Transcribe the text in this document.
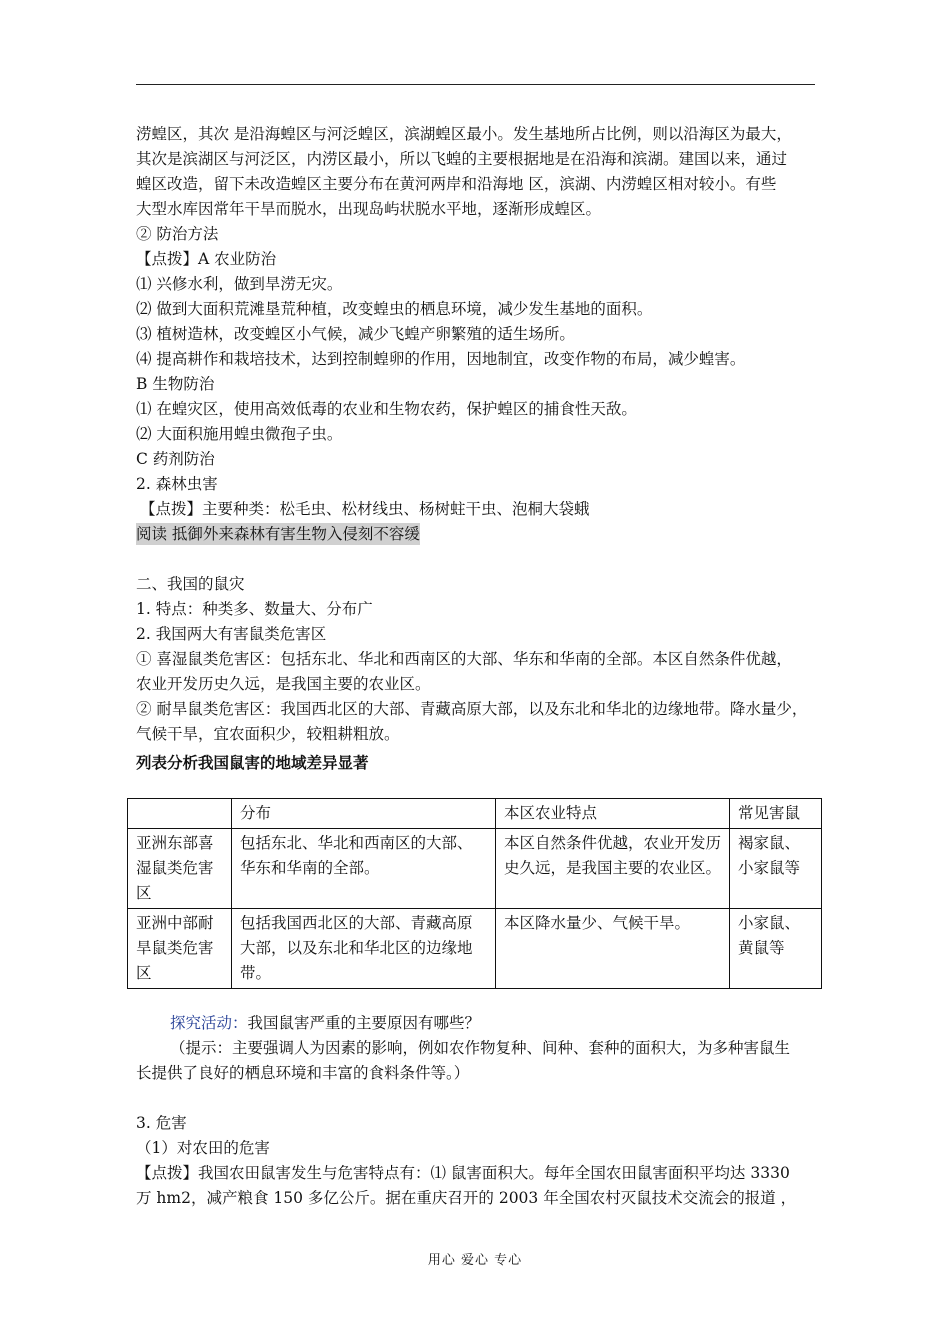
涝蝗区，其次 是沿海蝗区与河泛蝗区，滨湖蝗区最小。发生基地所占比例，则以沿海区为最大，

其次是滨湖区与河泛区，内涝区最小，所以飞蝗的主要根据地是在沿海和滨湖。建国以来，通过

蝗区改造，留下未改造蝗区主要分布在黄河两岸和沿海地 区，滨湖、内涝蝗区相对较小。有些

大型水库因常年干旱而脱水，出现岛屿状脱水平地，逐渐形成蝗区。

② 防治方法

【点拨】A 农业防治

⑴ 兴修水利，做到旱涝无灾。

⑵ 做到大面积荒滩垦荒种植，改变蝗虫的栖息环境，减少发生基地的面积。

⑶ 植树造林，改变蝗区小气候，减少飞蝗产卵繁殖的适生场所。

⑷ 提高耕作和栽培技术，达到控制蝗卵的作用，因地制宜，改变作物的布局，减少蝗害。

B 生物防治

⑴ 在蝗灾区，使用高效低毒的农业和生物农药，保护蝗区的捕食性天敌。

⑵ 大面积施用蝗虫微孢子虫。

C 药剂防治

2. 森林虫害

【点拨】主要种类：松毛虫、松材线虫、杨树蛀干虫、泡桐大袋蛾

阅读 抵御外来森林有害生物入侵刻不容缓

二、我国的鼠灾

1. 特点：种类多、数量大、分布广

2. 我国两大有害鼠类危害区

① 喜湿鼠类危害区：包括东北、华北和西南区的大部、华东和华南的全部。本区自然条件优越，

农业开发历史久远，是我国主要的农业区。

② 耐旱鼠类危害区：我国西北区的大部、青藏高原大部，以及东北和华北的边缘地带。降水量少，

气候干旱，宜农面积少，较粗耕粗放。

列表分析我国鼠害的地域差异显著

	分布	本区农业特点	常见害鼠
亚洲东部喜湿鼠类危害区	包括东北、华北和西南区的大部、华东和华南的全部。	本区自然条件优越，农业开发历史久远，是我国主要的农业区。	褐家鼠、小家鼠等
亚洲中部耐旱鼠类危害区	包括我国西北区的大部、青藏高原大部，以及东北和华北区的边缘地带。	本区降水量少、气候干旱。	小家鼠、黄鼠等

探究活动：我国鼠害严重的主要原因有哪些？

（提示：主要强调人为因素的影响，例如农作物复种、间种、套种的面积大，为多种害鼠生

长提供了良好的栖息环境和丰富的食料条件等。）

3. 危害

（1）对农田的危害

【点拨】我国农田鼠害发生与危害特点有：⑴ 鼠害面积大。每年全国农田鼠害面积平均达 3330

万 hm2，减产粮食 150 多亿公斤。据在重庆召开的 2003 年全国农村灭鼠技术交流会的报道 ，

用心 爱心 专心
